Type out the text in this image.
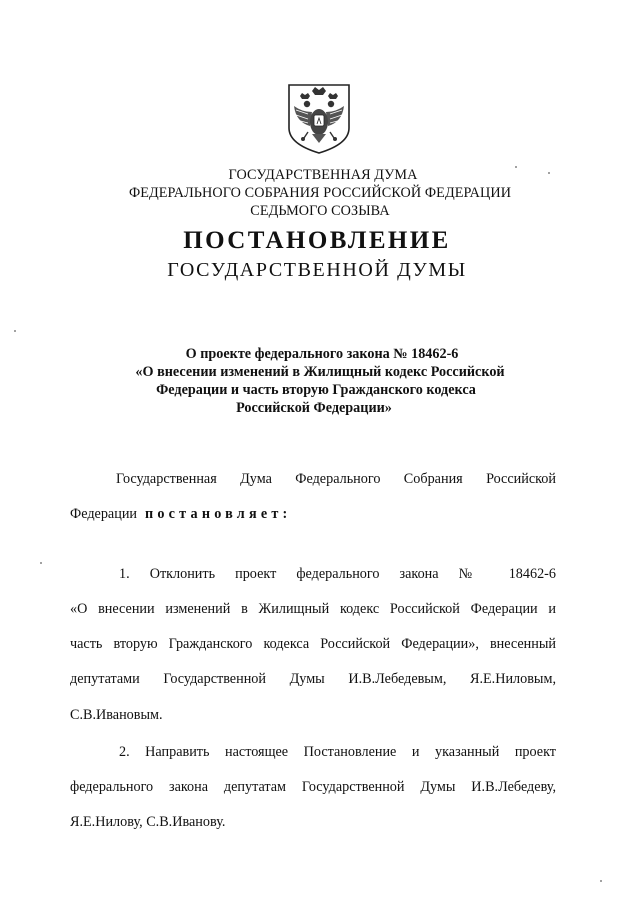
ГОСУДАРСТВЕННАЯ ДУМА
ФЕДЕРАЛЬНОГО СОБРАНИЯ РОССИЙСКОЙ ФЕДЕРАЦИИ
СЕДЬМОГО СОЗЫВА
ПОСТАНОВЛЕНИЕ
ГОСУДАРСТВЕННОЙ ДУМЫ
О проекте федерального закона № 18462-6
«О внесении изменений в Жилищный кодекс Российской
Федерации и часть вторую Гражданского кодекса
Российской Федерации»
Государственная Дума Федерального Собрания Российской
Федерации постановляет:
1. Отклонить проект федерального закона № 18462-6
«О внесении изменений в Жилищный кодекс Российской Федерации и
часть вторую Гражданского кодекса Российской Федерации», внесенный
депутатами Государственной Думы И.В.Лебедевым, Я.Е.Ниловым,
С.В.Ивановым.
2. Направить настоящее Постановление и указанный проект
федерального закона депутатам Государственной Думы И.В.Лебедеву,
Я.Е.Нилову, С.В.Иванову.
